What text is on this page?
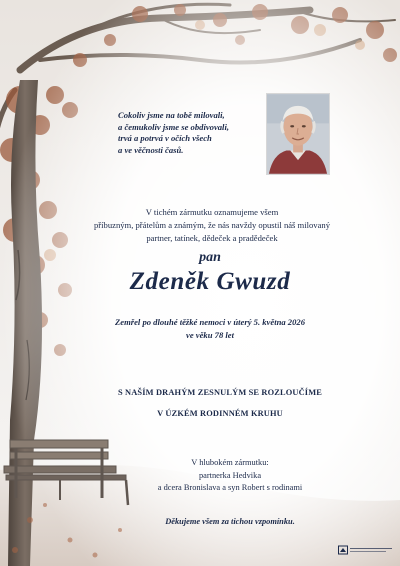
Cokoliv jsme na tobě milovali,
a čemukoliv jsme se obdivovali,
trvá a potrvá v očích všech
a ve věčnosti časů.
V tichém zármutku oznamujeme všem
příbuzným, přátelům a známým, že nás navždy opustil náš milovaný
partner, tatínek, dědeček a pradědeček
pan
Zdeněk Gwuzd
Zemřel po dlouhé těžké nemoci v úterý 5. května 2026
ve věku 78 let
S NAŠÍM DRAHÝM ZESNULÝM SE ROZLOUČÍME
V ÚZKÉM RODINNÉM KRUHU
V hlubokém zármutku:
partnerka Hedvika
a dcera Bronislava a syn Robert s rodinami
Děkujeme všem za tichou vzpomínku.
